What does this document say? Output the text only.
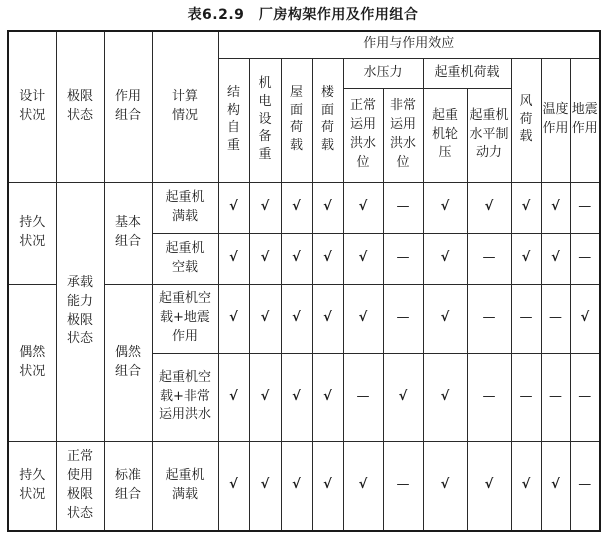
表6.2.9　厂房构架作用及作用组合
设计状况	极限状态	作用组合	计算情况	作用与作用效应										
				结构自重	机电设备重	屋面荷载	楼面荷载	水压力		起重机荷载		风荷载	温度作用	地震作用
								正常运用洪水位	非常运用洪水位	起重机轮压	起重机水平制动力			
持久状况	承载能力极限状态	基本组合	起重机满载	√	√	√	√	√	—	√	√	√	√	—
			起重机空载	√	√	√	√	√	—	√	—	√	√	—
偶然状况		偶然组合	起重机空载+地震作用	√	√	√	√	√	—	√	—	—	—	√
			起重机空载+非常运用洪水	√	√	√	√	—	√	√	—	—	—	—
持久状况	正常使用极限状态	标准组合	起重机满载	√	√	√	√	√	—	√	√	√	√	—
